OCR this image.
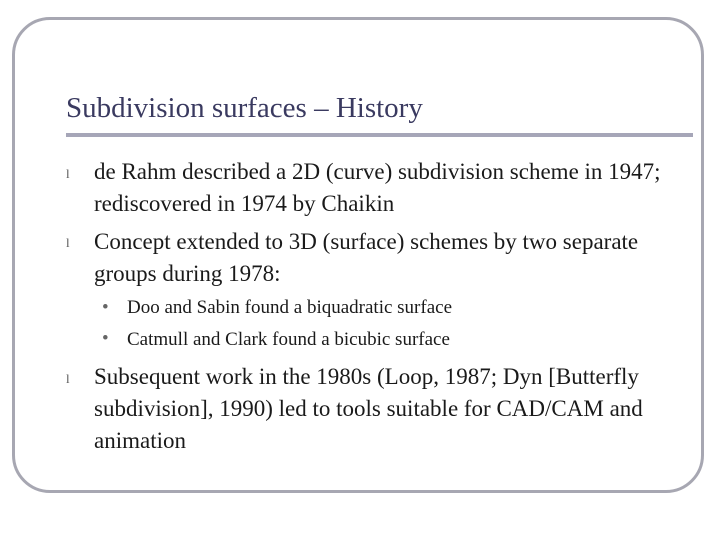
Subdivision surfaces – History
l de Rahm described a 2D (curve) subdivision scheme in 1947; rediscovered in 1974 by Chaikin
l Concept extended to 3D (surface) schemes by two separate groups during 1978:
• Doo and Sabin found a biquadratic surface
• Catmull and Clark found a bicubic surface
l Subsequent work in the 1980s (Loop, 1987; Dyn [Butterfly subdivision], 1990) led to tools suitable for CAD/CAM and animation
